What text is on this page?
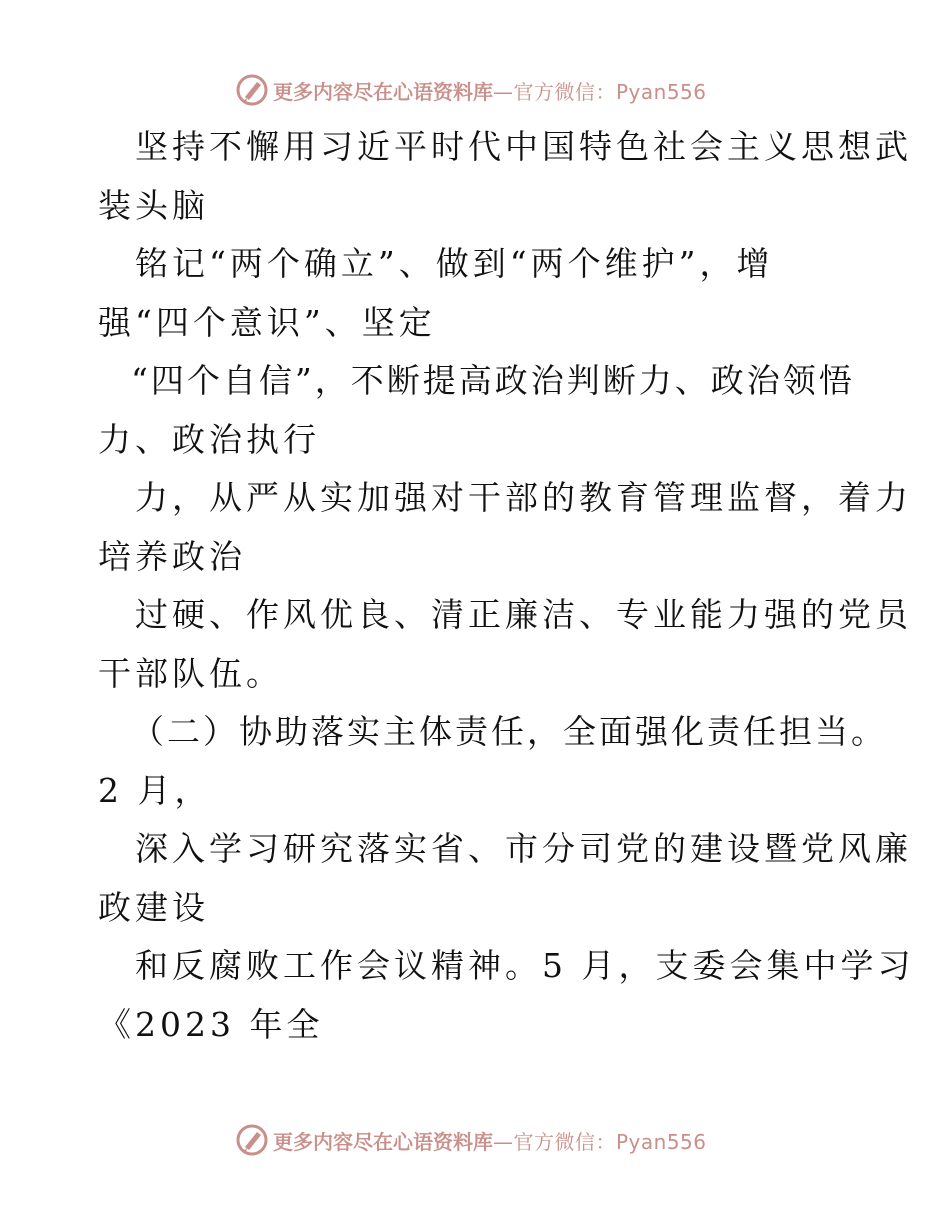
更多内容尽在心语资料库 —官方微信：Pyan556
坚持不懈用习近平时代中国特色社会主义思想武
装头脑
铭记“两个确立”、做到“两个维护”，增
强“四个意识”、坚定
“四个自信”，不断提高政治判断力、政治领悟
力、政治执行
力，从严从实加强对干部的教育管理监督，着力
培养政治
过硬、作风优良、清正廉洁、专业能力强的党员
干部队伍。
（二）协助落实主体责任，全面强化责任担当。
2 月，
深入学习研究落实省、市分司党的建设暨党风廉
政建设
和反腐败工作会议精神。5 月，支委会集中学习
《2023 年全
更多内容尽在心语资料库 —官方微信：Pyan556
